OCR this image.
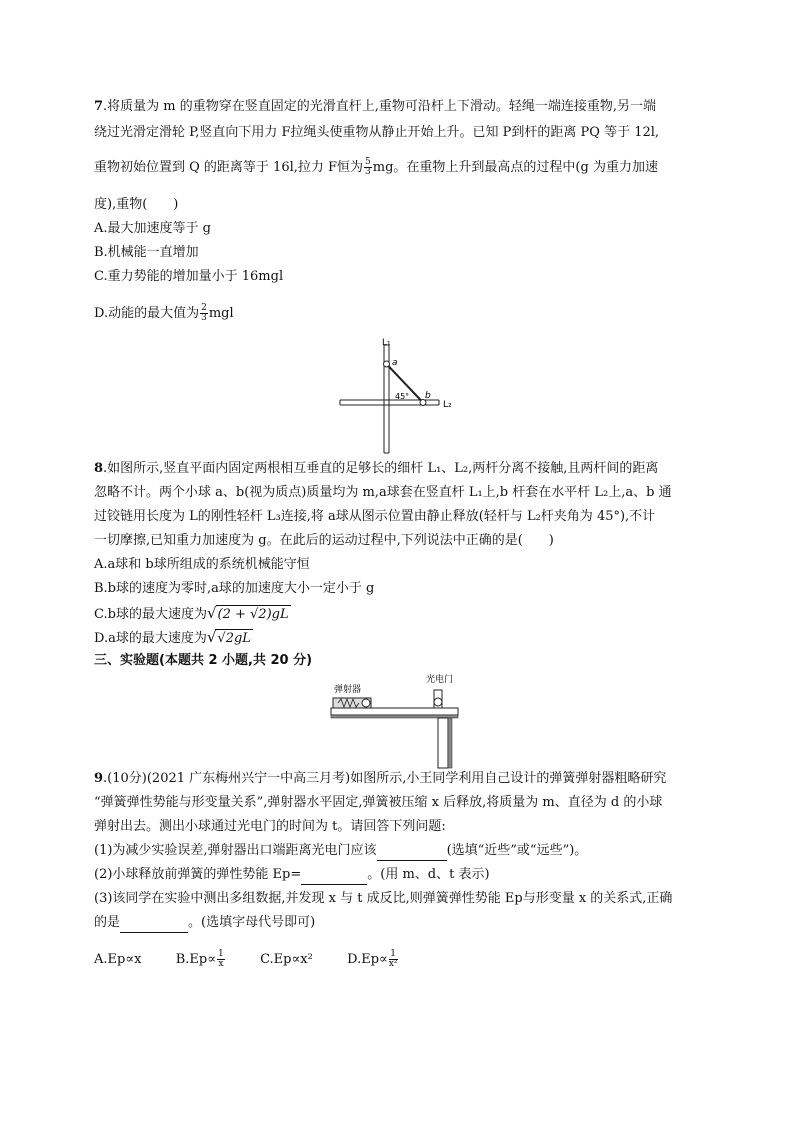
7.将质量为 m 的重物穿在竖直固定的光滑直杆上,重物可沿杆上下滑动。轻绳一端连接重物,另一端
绕过光滑定滑轮 P,竖直向下用力 F拉绳头使重物从静止开始上升。已知 P到杆的距离 PQ 等于 12l,
重物初始位置到 Q 的距离等于 16l,拉力 F恒为 $\frac{5}{3}$ mg。在重物上升到最高点的过程中(g 为重力加速
度),重物(　　)
A.最大加速度等于 g
B.机械能一直增加
C.重力势能的增加量小于 16mgl
D.动能的最大值为 $\frac{2}{3}$ mgl
L₁
a
b
45°
L₂
8.如图所示,竖直平面内固定两根相互垂直的足够长的细杆 L₁、L₂,两杆分离不接触,且两杆间的距离
忽略不计。两个小球 a、b(视为质点)质量均为 m,a球套在竖直杆 L₁上,b 杆套在水平杆 L₂上,a、b 通
过铰链用长度为 L的刚性轻杆 L₃连接,将 a球从图示位置由静止释放(轻杆与 L₂杆夹角为 45°),不计
一切摩擦,已知重力加速度为 g。在此后的运动过程中,下列说法中正确的是(　　)
A.a球和 b球所组成的系统机械能守恒
B.b球的速度为零时,a球的加速度大小一定小于 g
C.b球的最大速度为√(2 + √2)gL
D.a球的最大速度为√√2gL
三、实验题(本题共 2 小题,共 20 分)
弹射器
光电门
9.(10分)(2021 广东梅州兴宁一中高三月考)如图所示,小王同学利用自己设计的弹簧弹射器粗略研究
“弹簧弹性势能与形变量关系”,弹射器水平固定,弹簧被压缩 x 后释放,将质量为 m、直径为 d 的小球
弹射出去。测出小球通过光电门的时间为 t。请回答下列问题:
(1)为减少实验误差,弹射器出口端距离光电门应该	(选填“近些”或“远些”)。
(2)小球释放前弹簧的弹性势能 Ep=	。(用 m、d、t 表示)
(3)该同学在实验中测出多组数据,并发现 x 与 t 成反比,则弹簧弹性势能 Ep与形变量 x 的关系式,正确
的是	。(选填字母代号即可)
A.Ep∝x	$B.Ep\propto \frac{1}{x}$	C.Ep∝x²	$D.Ep\propto \frac{1}{\text{x²}}$
